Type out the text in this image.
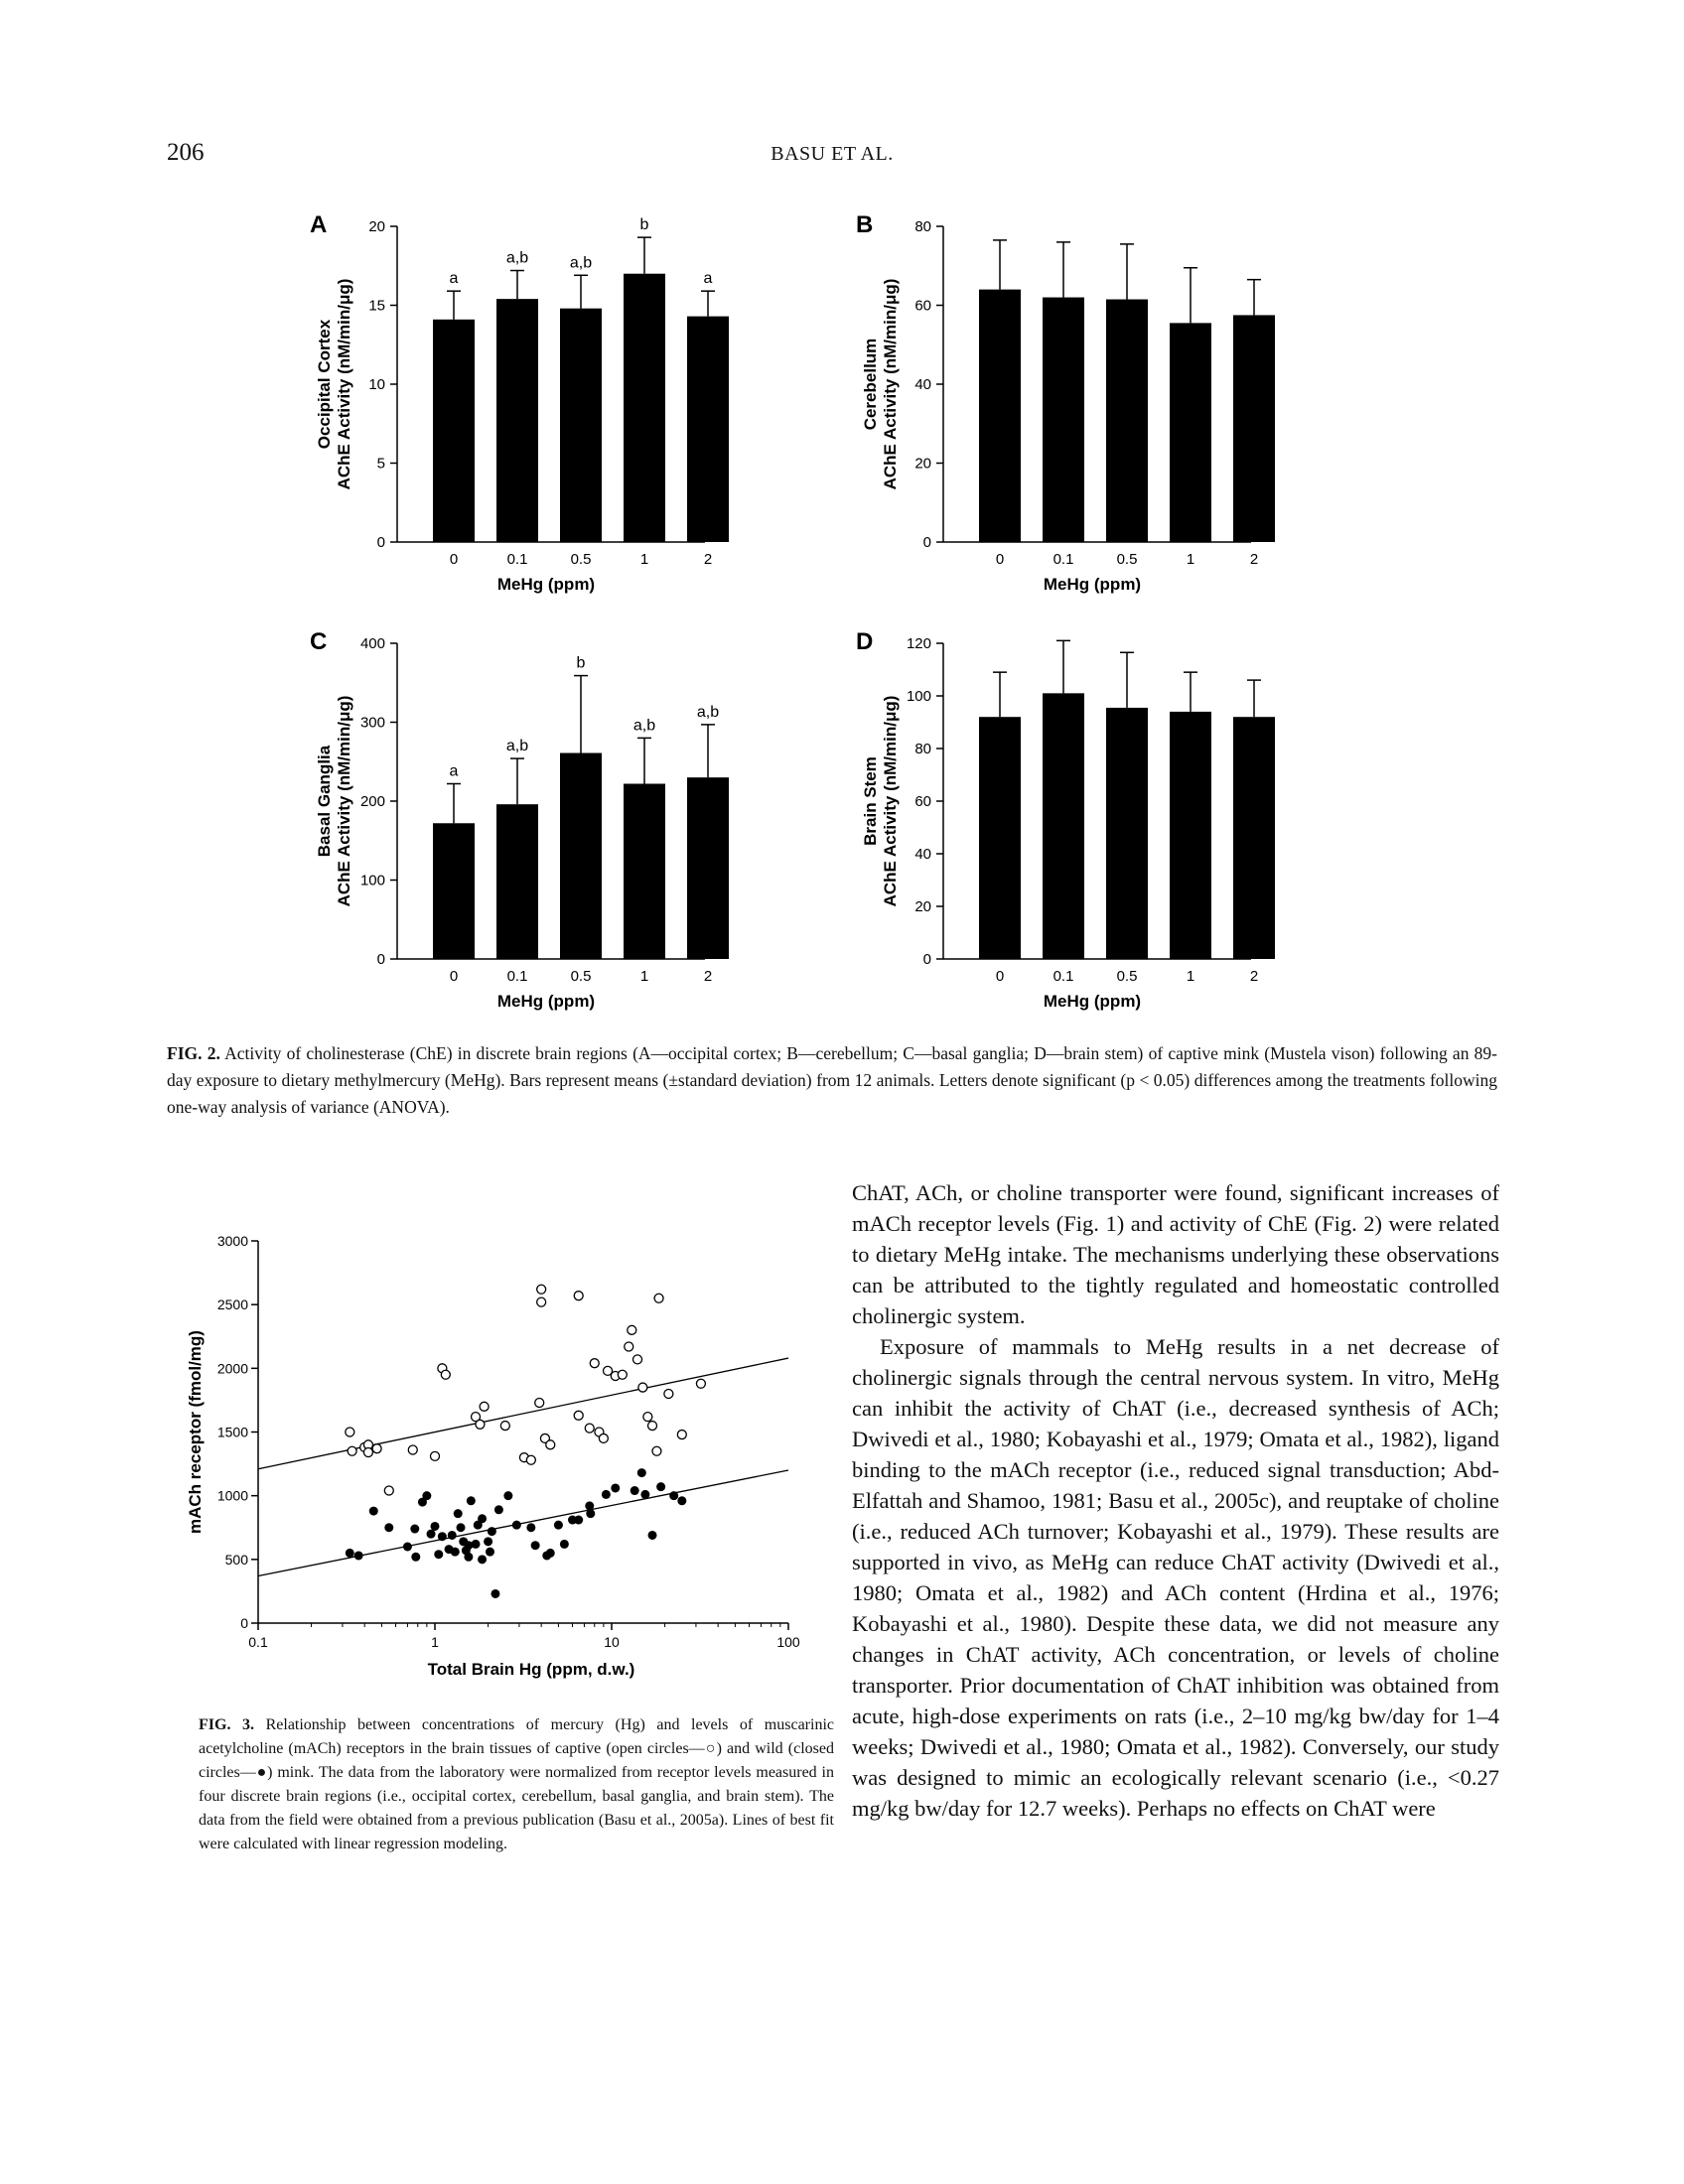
206	BASU ET AL.
A
0
5
10
15
20
a
0
a,b
0.1
a,b
0.5
b
1
a
2
MeHg (ppm)
Occipital Cortex AChE Activity (nM/min/μg)
B
0
20
40
60
80
0	0.1	0.5	1	2
MeHg (ppm)
Cerebellum AChE Activity (nM/min/μg)
C
0
100
200
300
400
a
0
a,b
0.1
b
0.5
a,b
1
a,b
2
MeHg (ppm)
Basal Ganglia AChE Activity (nM/min/μg)
D
0
20
40
60
80
100
120
0	0.1	0.5	1	2
MeHg (ppm)
Brain Stem AChE Activity (nM/min/μg)
FIG. 2. Activity of cholinesterase (ChE) in discrete brain regions (A—occipital cortex; B—cerebellum; C—basal ganglia; D—brain stem) of captive mink (Mustela vison) following an 89-day exposure to dietary methylmercury (MeHg). Bars represent means (±standard deviation) from 12 animals. Letters denote significant (p < 0.05) differences among the treatments following one-way analysis of variance (ANOVA).
0
500
1000
1500
2000
2500
3000
0.1	1	10	100
Total Brain Hg (ppm, d.w.)
mACh receptor (fmol/mg)
FIG. 3. Relationship between concentrations of mercury (Hg) and levels of muscarinic acetylcholine (mACh) receptors in the brain tissues of captive (open circles—○) and wild (closed circles—●) mink. The data from the laboratory were normalized from receptor levels measured in four discrete brain regions (i.e., occipital cortex, cerebellum, basal ganglia, and brain stem). The data from the field were obtained from a previous publication (Basu et al., 2005a). Lines of best fit were calculated with linear regression modeling.

ChAT, ACh, or choline transporter were found, significant increases of mACh receptor levels (Fig. 1) and activity of ChE (Fig. 2) were related to dietary MeHg intake. The mechanisms underlying these observations can be attributed to the tightly regulated and homeostatic controlled cholinergic system.

Exposure of mammals to MeHg results in a net decrease of cholinergic signals through the central nervous system. In vitro, MeHg can inhibit the activity of ChAT (i.e., decreased synthesis of ACh; Dwivedi et al., 1980; Kobayashi et al., 1979; Omata et al., 1982), ligand binding to the mACh receptor (i.e., reduced signal transduction; Abd-Elfattah and Shamoo, 1981; Basu et al., 2005c), and reuptake of choline (i.e., reduced ACh turnover; Kobayashi et al., 1979). These results are supported in vivo, as MeHg can reduce ChAT activity (Dwivedi et al., 1980; Omata et al., 1982) and ACh content (Hrdina et al., 1976; Kobayashi et al., 1980). Despite these data, we did not measure any changes in ChAT activity, ACh concentration, or levels of choline transporter. Prior documentation of ChAT inhibition was obtained from acute, high-dose experiments on rats (i.e., 2–10 mg/kg bw/day for 1–4 weeks; Dwivedi et al., 1980; Omata et al., 1982). Conversely, our study was designed to mimic an ecologically relevant scenario (i.e., <0.27 mg/kg bw/day for 12.7 weeks). Perhaps no effects on ChAT were
